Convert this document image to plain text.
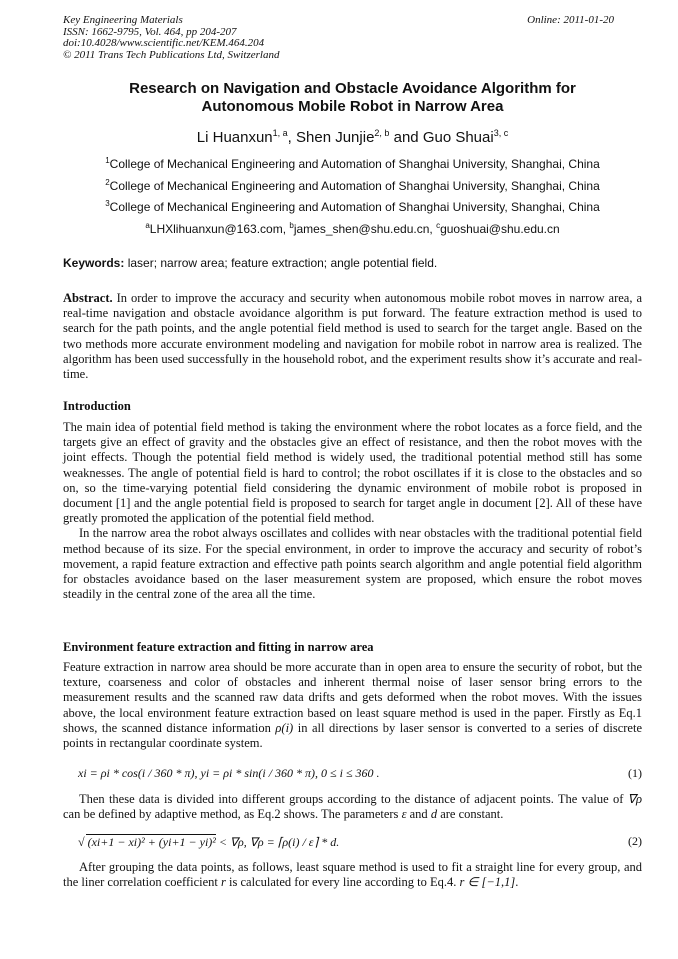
Key Engineering Materials
ISSN: 1662-9795, Vol. 464, pp 204-207
doi:10.4028/www.scientific.net/KEM.464.204
© 2011 Trans Tech Publications Ltd, Switzerland
Online: 2011-01-20
Research on Navigation and Obstacle Avoidance Algorithm for
Autonomous Mobile Robot in Narrow Area
Li Huanxun$^{1, a}$, Shen Junjie$^{2, b}$ and Guo Shuai$^{3, c}$
$^1$College of Mechanical Engineering and Automation of Shanghai University, Shanghai, China
$^2$College of Mechanical Engineering and Automation of Shanghai University, Shanghai, China
$^3$College of Mechanical Engineering and Automation of Shanghai University, Shanghai, China
$^a$LHXlihuanxun@163.com, $^b$james_shen@shu.edu.cn, $^c$guoshuai@shu.edu.cn
Keywords: laser; narrow area; feature extraction; angle potential field.
Abstract. In order to improve the accuracy and security when autonomous mobile robot moves in narrow area, a real-time navigation and obstacle avoidance algorithm is put forward. The feature extraction method is used to search for the path points, and the angle potential field method is used to search for the target angle. Based on the two methods more accurate environment modeling and navigation for mobile robot in narrow area is realized. The algorithm has been used successfully in the household robot, and the experiment results show it’s accurate and real-time.
Introduction
The main idea of potential field method is taking the environment where the robot locates as a force field, and the targets give an effect of gravity and the obstacles give an effect of resistance, and then the robot moves with the joint effects. Though the potential field method is widely used, the traditional potential method still has some weaknesses. The angle of potential field is hard to control; the robot oscillates if it is close to the obstacles and so on, so the time-varying potential field considering the dynamic environment of mobile robot is proposed in document [1] and the angle potential field is proposed to search for target angle in document [2]. All of these have greatly promoted the application of the potential field method.
In the narrow area the robot always oscillates and collides with near obstacles with the traditional potential field method because of its size. For the special environment, in order to improve the accuracy and security of robot’s movement, a rapid feature extraction and effective path points search algorithm and angle potential field algorithm for obstacles avoidance based on the laser measurement system are proposed, which ensure the robot moves steadily in the central zone of the area all the time.
Environment feature extraction and fitting in narrow area
Feature extraction in narrow area should be more accurate than in open area to ensure the security of robot, but the texture, coarseness and color of obstacles and inherent thermal noise of laser sensor bring errors to the measurement results and the scanned raw data drifts and gets deformed when the robot moves. With the issues above, the local environment feature extraction based on least square method is used in the paper. Firstly as Eq.1 shows, the scanned distance information ρ(i) in all directions by laser sensor is converted to a series of discrete points in rectangular coordinate system.
xi = ρi * cos(i / 360 * π), yi = ρi * sin(i / 360 * π), 0 ≤ i ≤ 360 .	(1)
Then these data is divided into different groups according to the distance of adjacent points. The value of ∇ρ can be defined by adaptive method, as Eq.2 shows. The parameters ε and d are constant.
√ (xi+1 − xi)² + (yi+1 − yi)² < ∇ρ, ∇ρ = ⌈ρ(i) / ε⌉ * d.	(2)
After grouping the data points, as follows, least square method is used to fit a straight line for every group, and the liner correlation coefficient r is calculated for every line according to Eq.4. r ∈ [−1,1].
